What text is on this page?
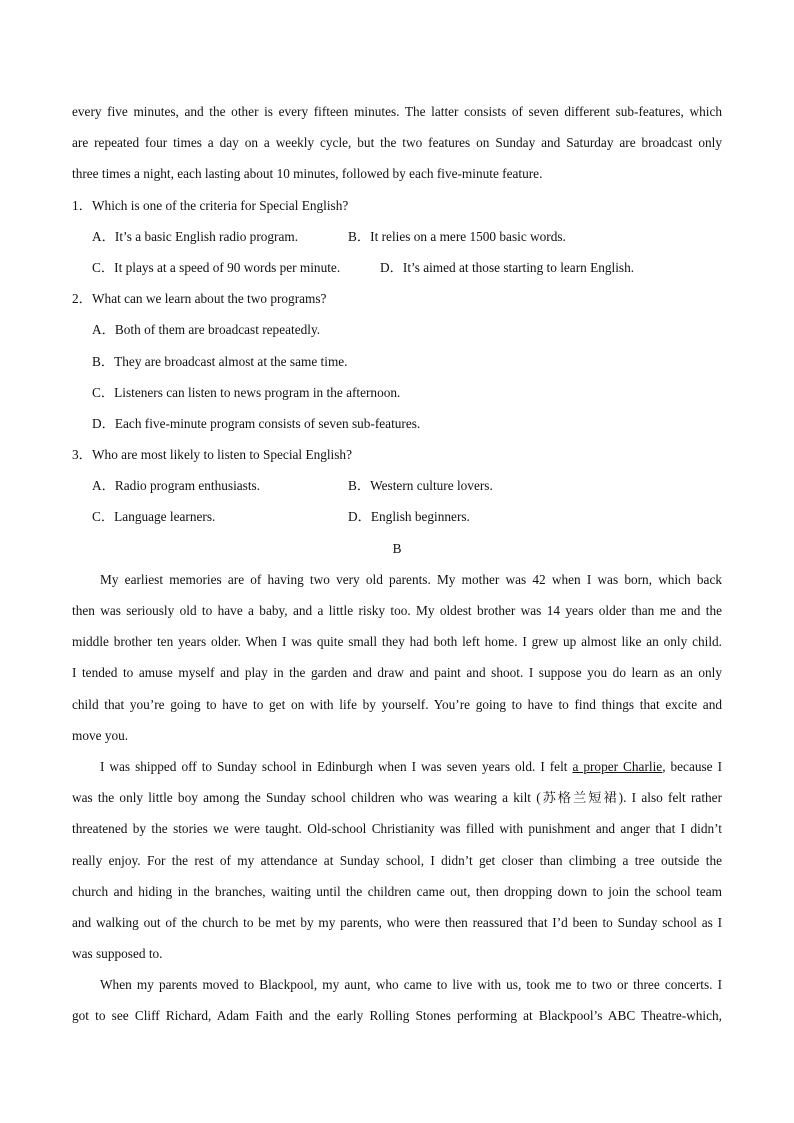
every five minutes, and the other is every fifteen minutes. The latter consists of seven different sub-features, which
are repeated four times a day on a weekly cycle, but the two features on Sunday and Saturday are broadcast only
three times a night, each lasting about 10 minutes, followed by each five-minute feature.
1．Which is one of the criteria for Special English?
A．It’s a basic English radio program.	B．It relies on a mere 1500 basic words.
C．It plays at a speed of 90 words per minute.	D．It’s aimed at those starting to learn English.
2．What can we learn about the two programs?
A．Both of them are broadcast repeatedly.
B．They are broadcast almost at the same time.
C．Listeners can listen to news program in the afternoon.
D．Each five-minute program consists of seven sub-features.
3．Who are most likely to listen to Special English?
A．Radio program enthusiasts.	B．Western culture lovers.
C．Language learners.	D．English beginners.
B
My earliest memories are of having two very old parents. My mother was 42 when I was born, which back
then was seriously old to have a baby, and a little risky too. My oldest brother was 14 years older than me and the
middle brother ten years older. When I was quite small they had both left home. I grew up almost like an only child.
I tended to amuse myself and play in the garden and draw and paint and shoot. I suppose you do learn as an only
child that you’re going to have to get on with life by yourself. You’re going to have to find things that excite and
move you.
I was shipped off to Sunday school in Edinburgh when I was seven years old. I felt a proper Charlie, because I
was the only little boy among the Sunday school children who was wearing a kilt (苏格兰短裙). I also felt rather
threatened by the stories we were taught. Old-school Christianity was filled with punishment and anger that I didn’t
really enjoy. For the rest of my attendance at Sunday school, I didn’t get closer than climbing a tree outside the
church and hiding in the branches, waiting until the children came out, then dropping down to join the school team
and walking out of the church to be met by my parents, who were then reassured that I’d been to Sunday school as I
was supposed to.
When my parents moved to Blackpool, my aunt, who came to live with us, took me to two or three concerts. I
got to see Cliff Richard, Adam Faith and the early Rolling Stones performing at Blackpool’s ABC Theatre-which,
